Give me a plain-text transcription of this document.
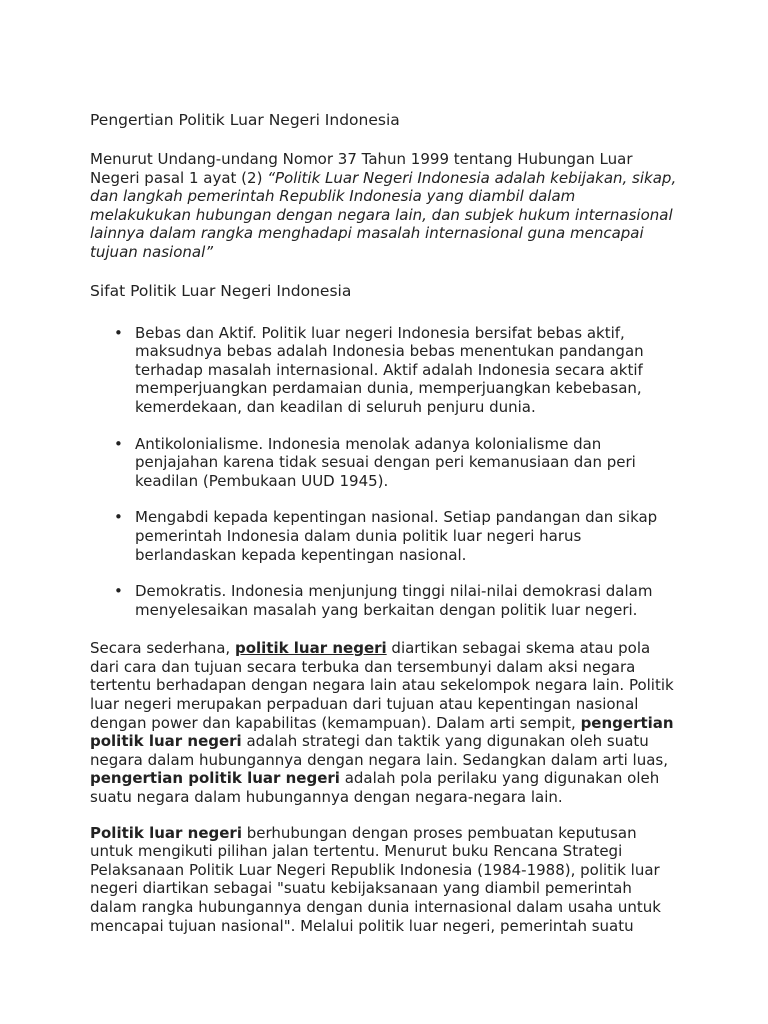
Pengertian Politik Luar Negeri Indonesia

Menurut Undang-undang Nomor 37 Tahun 1999 tentang Hubungan Luar Negeri pasal 1 ayat (2) “Politik Luar Negeri Indonesia adalah kebijakan, sikap, dan langkah pemerintah Republik Indonesia yang diambil dalam melakukukan hubungan dengan negara lain, dan subjek hukum internasional lainnya dalam rangka menghadapi masalah internasional guna mencapai tujuan nasional”

Sifat Politik Luar Negeri Indonesia
• Bebas dan Aktif. Politik luar negeri Indonesia bersifat bebas aktif, maksudnya bebas adalah Indonesia bebas menentukan pandangan terhadap masalah internasional. Aktif adalah Indonesia secara aktif memperjuangkan perdamaian dunia, memperjuangkan kebebasan, kemerdekaan, dan keadilan di seluruh penjuru dunia.
• Antikolonialisme. Indonesia menolak adanya kolonialisme dan penjajahan karena tidak sesuai dengan peri kemanusiaan dan peri keadilan (Pembukaan UUD 1945).
• Mengabdi kepada kepentingan nasional. Setiap pandangan dan sikap pemerintah Indonesia dalam dunia politik luar negeri harus berlandaskan kepada kepentingan nasional.
• Demokratis. Indonesia menjunjung tinggi nilai-nilai demokrasi dalam menyelesaikan masalah yang berkaitan dengan politik luar negeri.

Secara sederhana, politik luar negeri diartikan sebagai skema atau pola dari cara dan tujuan secara terbuka dan tersembunyi dalam aksi negara tertentu berhadapan dengan negara lain atau sekelompok negara lain. Politik luar negeri merupakan perpaduan dari tujuan atau kepentingan nasional dengan power dan kapabilitas (kemampuan). Dalam arti sempit, pengertian politik luar negeri adalah strategi dan taktik yang digunakan oleh suatu negara dalam hubungannya dengan negara lain. Sedangkan dalam arti luas, pengertian politik luar negeri adalah pola perilaku yang digunakan oleh suatu negara dalam hubungannya dengan negara-negara lain.

Politik luar negeri berhubungan dengan proses pembuatan keputusan untuk mengikuti pilihan jalan tertentu. Menurut buku Rencana Strategi Pelaksanaan Politik Luar Negeri Republik Indonesia (1984-1988), politik luar negeri diartikan sebagai "suatu kebijaksanaan yang diambil pemerintah dalam rangka hubungannya dengan dunia internasional dalam usaha untuk mencapai tujuan nasional". Melalui politik luar negeri, pemerintah suatu
